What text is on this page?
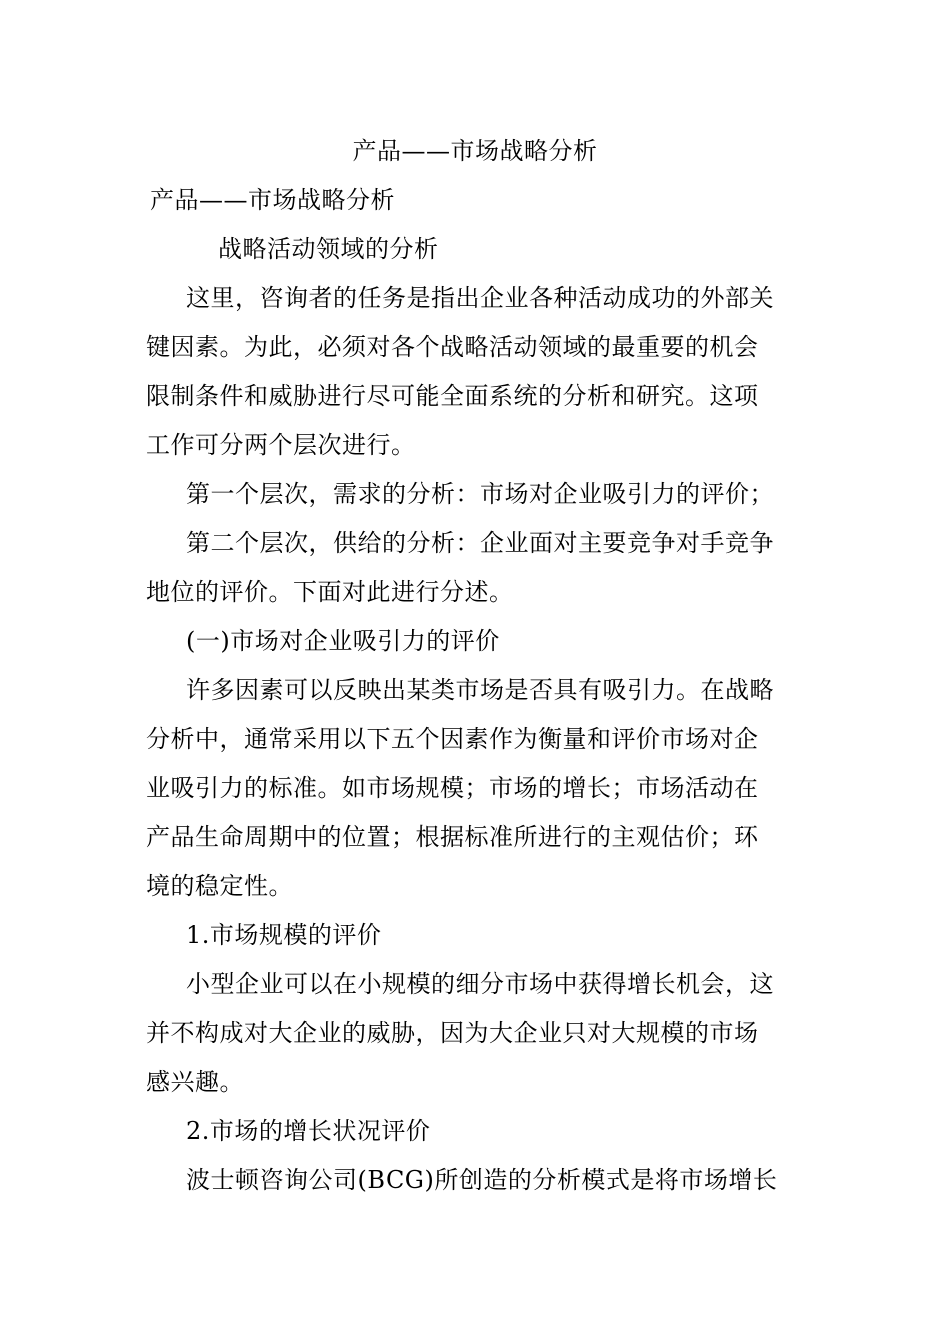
产品——市场战略分析
产品——市场战略分析
战略活动领域的分析
这里，咨询者的任务是指出企业各种活动成功的外部关
键因素。为此，必须对各个战略活动领域的最重要的机会
限制条件和威胁进行尽可能全面系统的分析和研究。这项
工作可分两个层次进行。
第一个层次，需求的分析：市场对企业吸引力的评价；
第二个层次，供给的分析：企业面对主要竞争对手竞争
地位的评价。下面对此进行分述。
(一)市场对企业吸引力的评价
许多因素可以反映出某类市场是否具有吸引力。在战略
分析中，通常采用以下五个因素作为衡量和评价市场对企
业吸引力的标准。如市场规模；市场的增长；市场活动在
产品生命周期中的位置；根据标准所进行的主观估价；环
境的稳定性。
1.市场规模的评价
小型企业可以在小规模的细分市场中获得增长机会，这
并不构成对大企业的威胁，因为大企业只对大规模的市场
感兴趣。
2.市场的增长状况评价
波士顿咨询公司(BCG)所创造的分析模式是将市场增长
